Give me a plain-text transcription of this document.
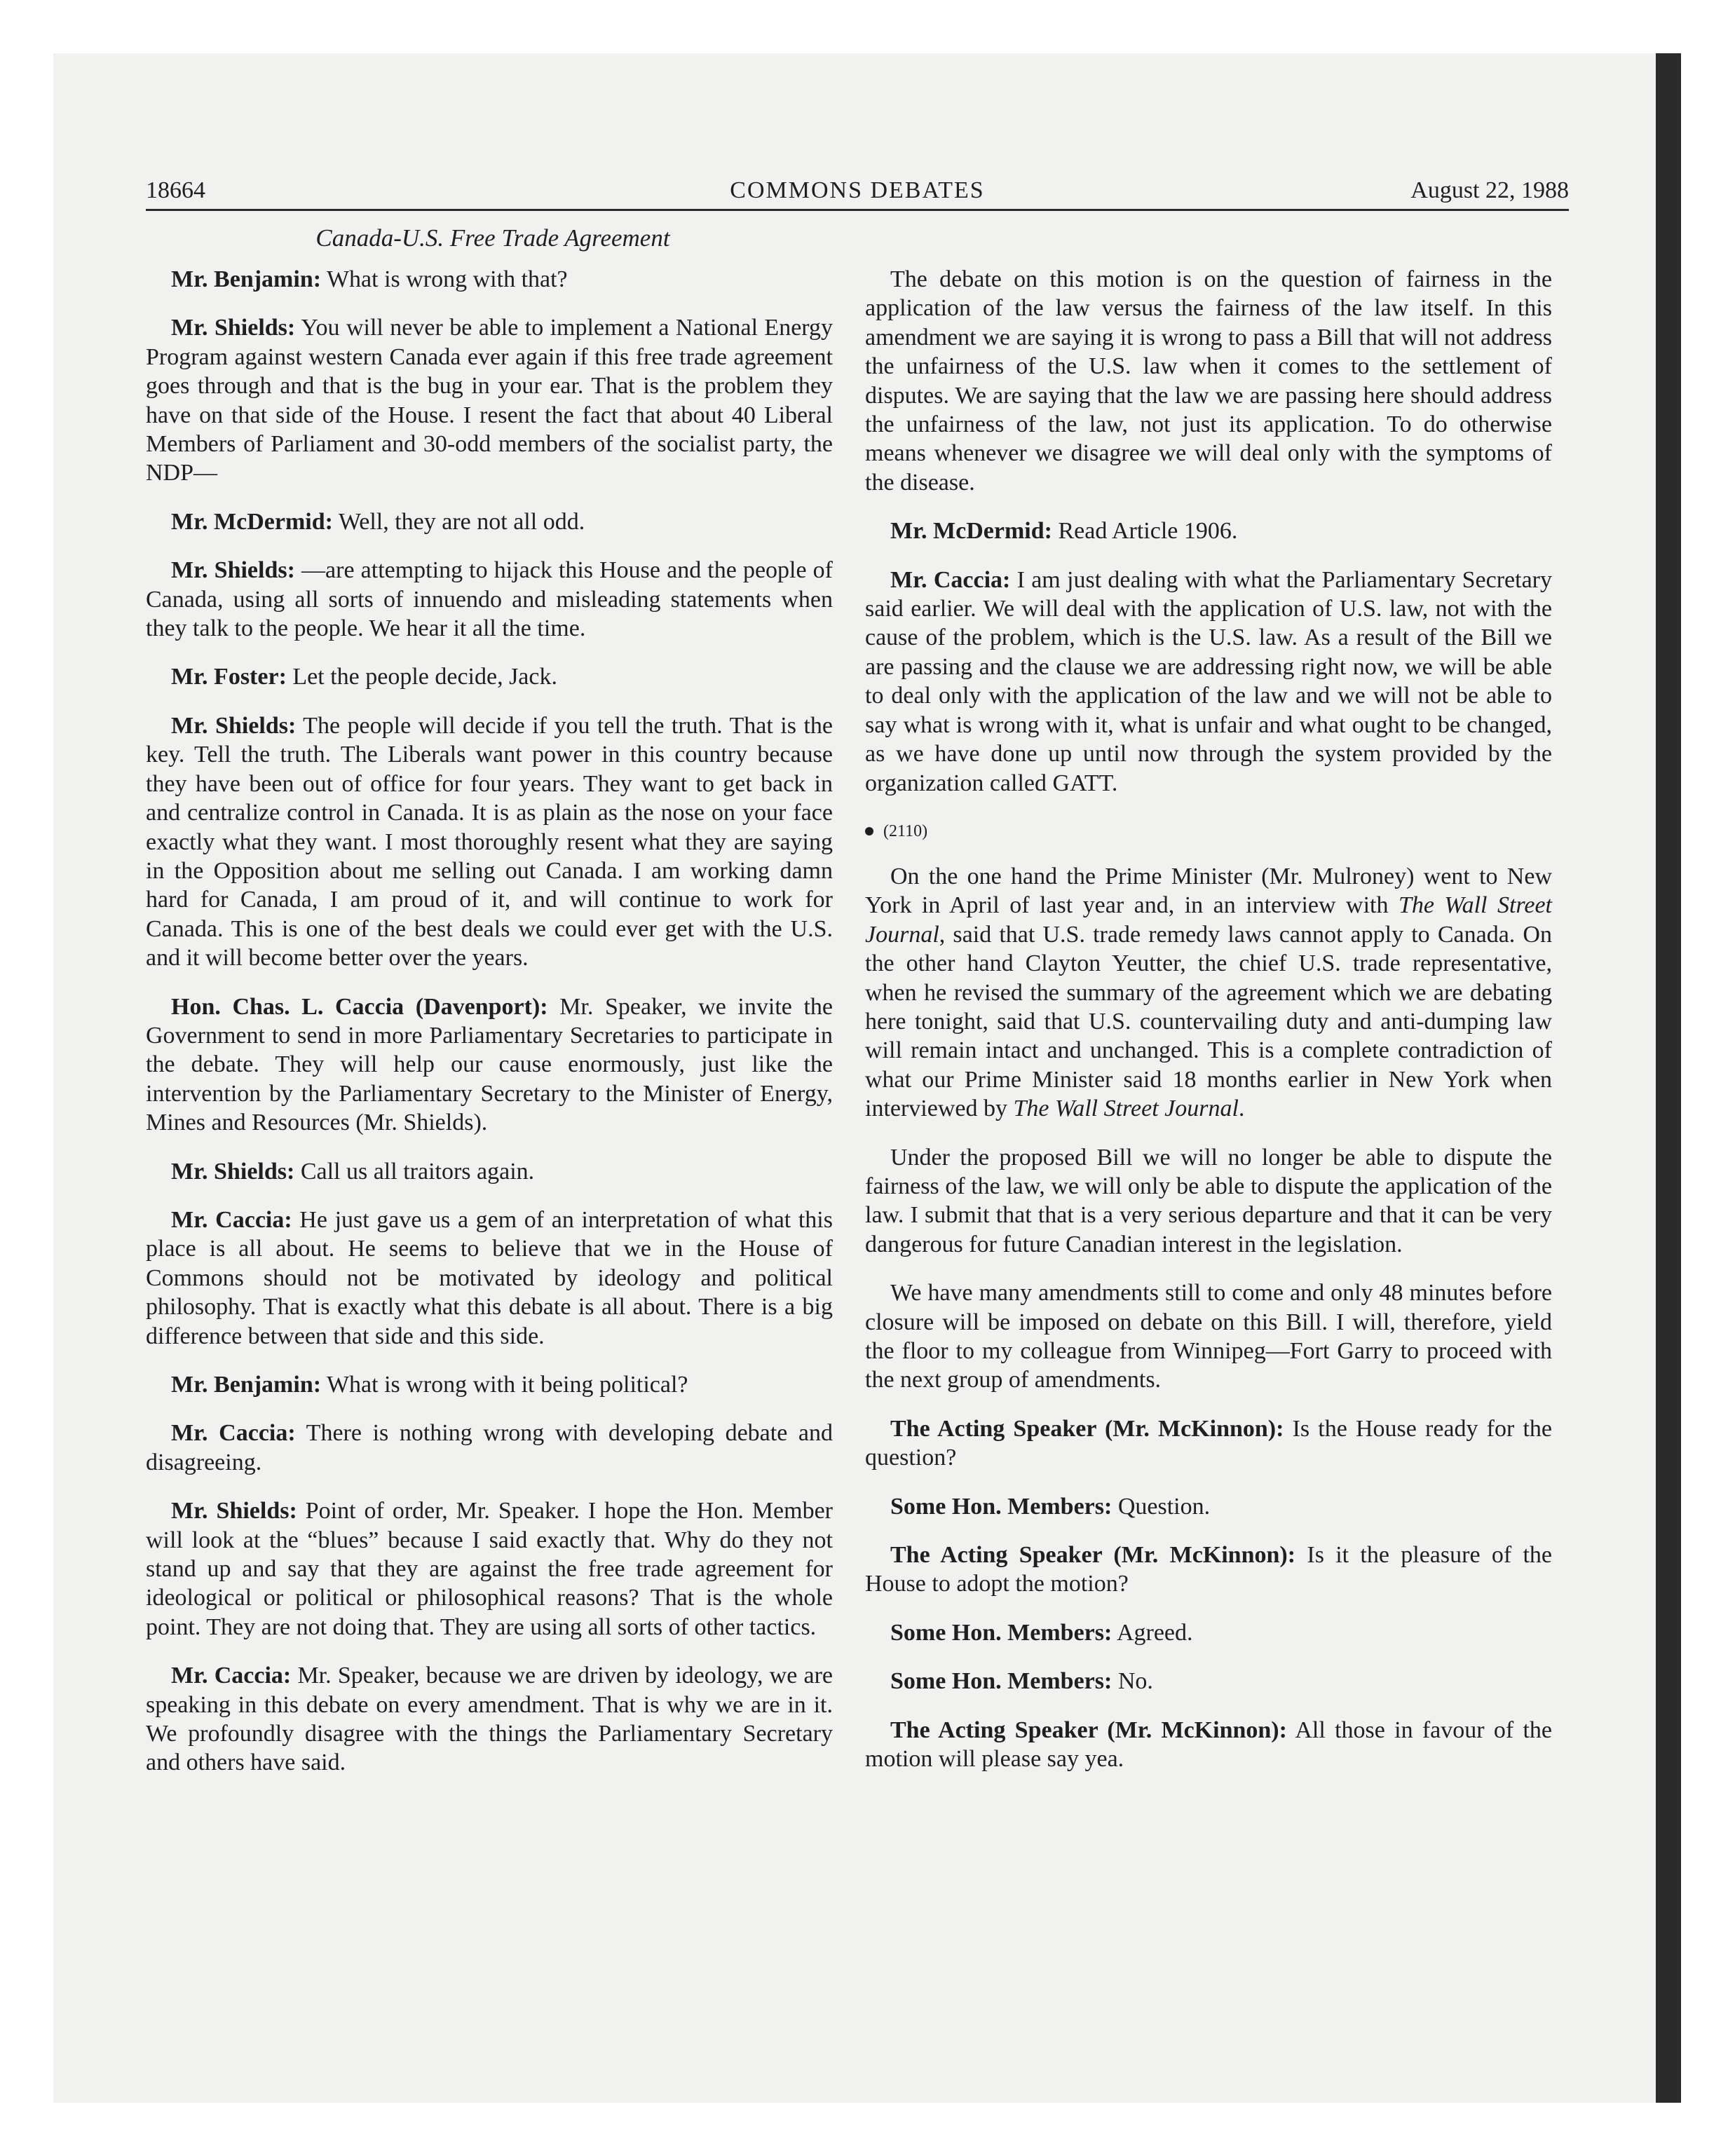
18664	COMMONS DEBATES	August 22, 1988
Canada-U.S. Free Trade Agreement

Mr. Benjamin: What is wrong with that?

Mr. Shields: You will never be able to implement a National Energy Program against western Canada ever again if this free trade agreement goes through and that is the bug in your ear. That is the problem they have on that side of the House. I resent the fact that about 40 Liberal Members of Parliament and 30-odd members of the socialist party, the NDP—

Mr. McDermid: Well, they are not all odd.

Mr. Shields: —are attempting to hijack this House and the people of Canada, using all sorts of innuendo and misleading statements when they talk to the people. We hear it all the time.

Mr. Foster: Let the people decide, Jack.

Mr. Shields: The people will decide if you tell the truth. That is the key. Tell the truth. The Liberals want power in this country because they have been out of office for four years. They want to get back in and centralize control in Canada. It is as plain as the nose on your face exactly what they want. I most thoroughly resent what they are saying in the Opposition about me selling out Canada. I am working damn hard for Canada, I am proud of it, and will continue to work for Canada. This is one of the best deals we could ever get with the U.S. and it will become better over the years.

Hon. Chas. L. Caccia (Davenport): Mr. Speaker, we invite the Government to send in more Parliamentary Secretaries to participate in the debate. They will help our cause enormously, just like the intervention by the Parliamentary Secretary to the Minister of Energy, Mines and Resources (Mr. Shields).

Mr. Shields: Call us all traitors again.

Mr. Caccia: He just gave us a gem of an interpretation of what this place is all about. He seems to believe that we in the House of Commons should not be motivated by ideology and political philosophy. That is exactly what this debate is all about. There is a big difference between that side and this side.

Mr. Benjamin: What is wrong with it being political?

Mr. Caccia: There is nothing wrong with developing debate and disagreeing.

Mr. Shields: Point of order, Mr. Speaker. I hope the Hon. Member will look at the “blues” because I said exactly that. Why do they not stand up and say that they are against the free trade agreement for ideological or political or philosophical reasons? That is the whole point. They are not doing that. They are using all sorts of other tactics.

Mr. Caccia: Mr. Speaker, because we are driven by ideology, we are speaking in this debate on every amendment. That is why we are in it. We profoundly disagree with the things the Parliamentary Secretary and others have said.

The debate on this motion is on the question of fairness in the application of the law versus the fairness of the law itself. In this amendment we are saying it is wrong to pass a Bill that will not address the unfairness of the U.S. law when it comes to the settlement of disputes. We are saying that the law we are passing here should address the unfairness of the law, not just its application. To do otherwise means whenever we disagree we will deal only with the symptoms of the disease.

Mr. McDermid: Read Article 1906.

Mr. Caccia: I am just dealing with what the Parliamentary Secretary said earlier. We will deal with the application of U.S. law, not with the cause of the problem, which is the U.S. law. As a result of the Bill we are passing and the clause we are addressing right now, we will be able to deal only with the application of the law and we will not be able to say what is wrong with it, what is unfair and what ought to be changed, as we have done up until now through the system provided by the organization called GATT.

(2110)

On the one hand the Prime Minister (Mr. Mulroney) went to New York in April of last year and, in an interview with The Wall Street Journal, said that U.S. trade remedy laws cannot apply to Canada. On the other hand Clayton Yeutter, the chief U.S. trade representative, when he revised the summary of the agreement which we are debating here tonight, said that U.S. countervailing duty and anti-dumping law will remain intact and unchanged. This is a complete contradiction of what our Prime Minister said 18 months earlier in New York when interviewed by The Wall Street Journal.

Under the proposed Bill we will no longer be able to dispute the fairness of the law, we will only be able to dispute the application of the law. I submit that that is a very serious departure and that it can be very dangerous for future Canadian interest in the legislation.

We have many amendments still to come and only 48 minutes before closure will be imposed on debate on this Bill. I will, therefore, yield the floor to my colleague from Winnipeg—Fort Garry to proceed with the next group of amendments.

The Acting Speaker (Mr. McKinnon): Is the House ready for the question?

Some Hon. Members: Question.

The Acting Speaker (Mr. McKinnon): Is it the pleasure of the House to adopt the motion?

Some Hon. Members: Agreed.

Some Hon. Members: No.

The Acting Speaker (Mr. McKinnon): All those in favour of the motion will please say yea.
